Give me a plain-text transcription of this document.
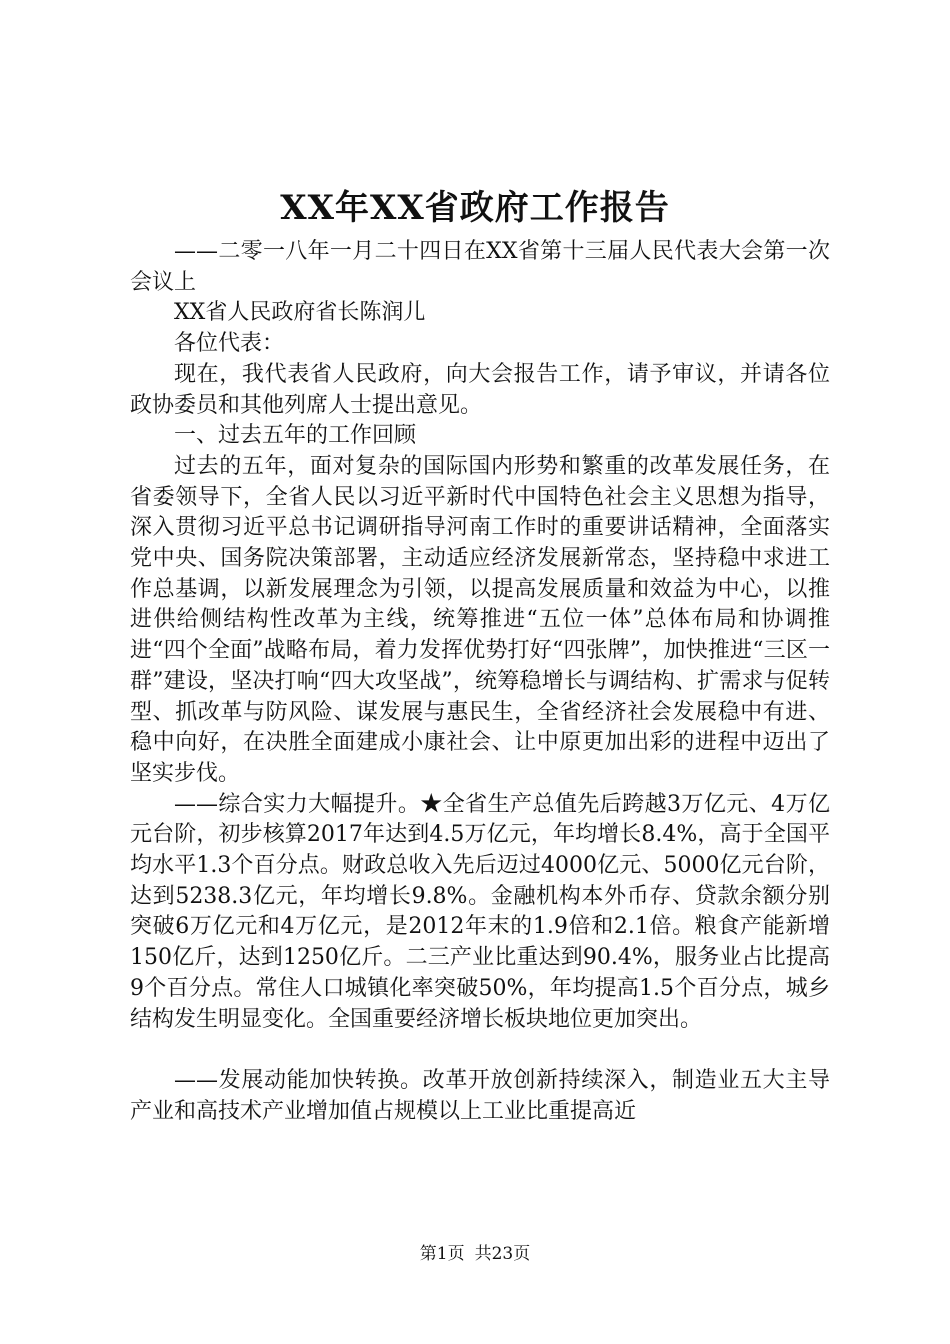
XX年XX省政府工作报告

——二零一八年一月二十四日在XX省第十三届人民代表大会第一次会议上

XX省人民政府省长陈润儿

各位代表：

现在，我代表省人民政府，向大会报告工作，请予审议，并请各位政协委员和其他列席人士提出意见。

一、过去五年的工作回顾

过去的五年，面对复杂的国际国内形势和繁重的改革发展任务，在省委领导下，全省人民以习近平新时代中国特色社会主义思想为指导，深入贯彻习近平总书记调研指导河南工作时的重要讲话精神，全面落实党中央、国务院决策部署，主动适应经济发展新常态，坚持稳中求进工作总基调，以新发展理念为引领，以提高发展质量和效益为中心，以推进供给侧结构性改革为主线，统筹推进“五位一体”总体布局和协调推进“四个全面”战略布局，着力发挥优势打好“四张牌”，加快推进“三区一群”建设，坚决打响“四大攻坚战”，统筹稳增长与调结构、扩需求与促转型、抓改革与防风险、谋发展与惠民生，全省经济社会发展稳中有进、稳中向好，在决胜全面建成小康社会、让中原更加出彩的进程中迈出了坚实步伐。

——综合实力大幅提升。★全省生产总值先后跨越3万亿元、4万亿元台阶，初步核算2017年达到4.5万亿元，年均增长8.4%，高于全国平均水平1.3个百分点。财政总收入先后迈过4000亿元、5000亿元台阶，达到5238.3亿元，年均增长9.8%。金融机构本外币存、贷款余额分别突破6万亿元和4万亿元，是2012年末的1.9倍和2.1倍。粮食产能新增150亿斤，达到1250亿斤。二三产业比重达到90.4%，服务业占比提高9个百分点。常住人口城镇化率突破50%，年均提高1.5个百分点，城乡结构发生明显变化。全国重要经济增长板块地位更加突出。

——发展动能加快转换。改革开放创新持续深入，制造业五大主导产业和高技术产业增加值占规模以上工业比重提高近

第1页 共23页
